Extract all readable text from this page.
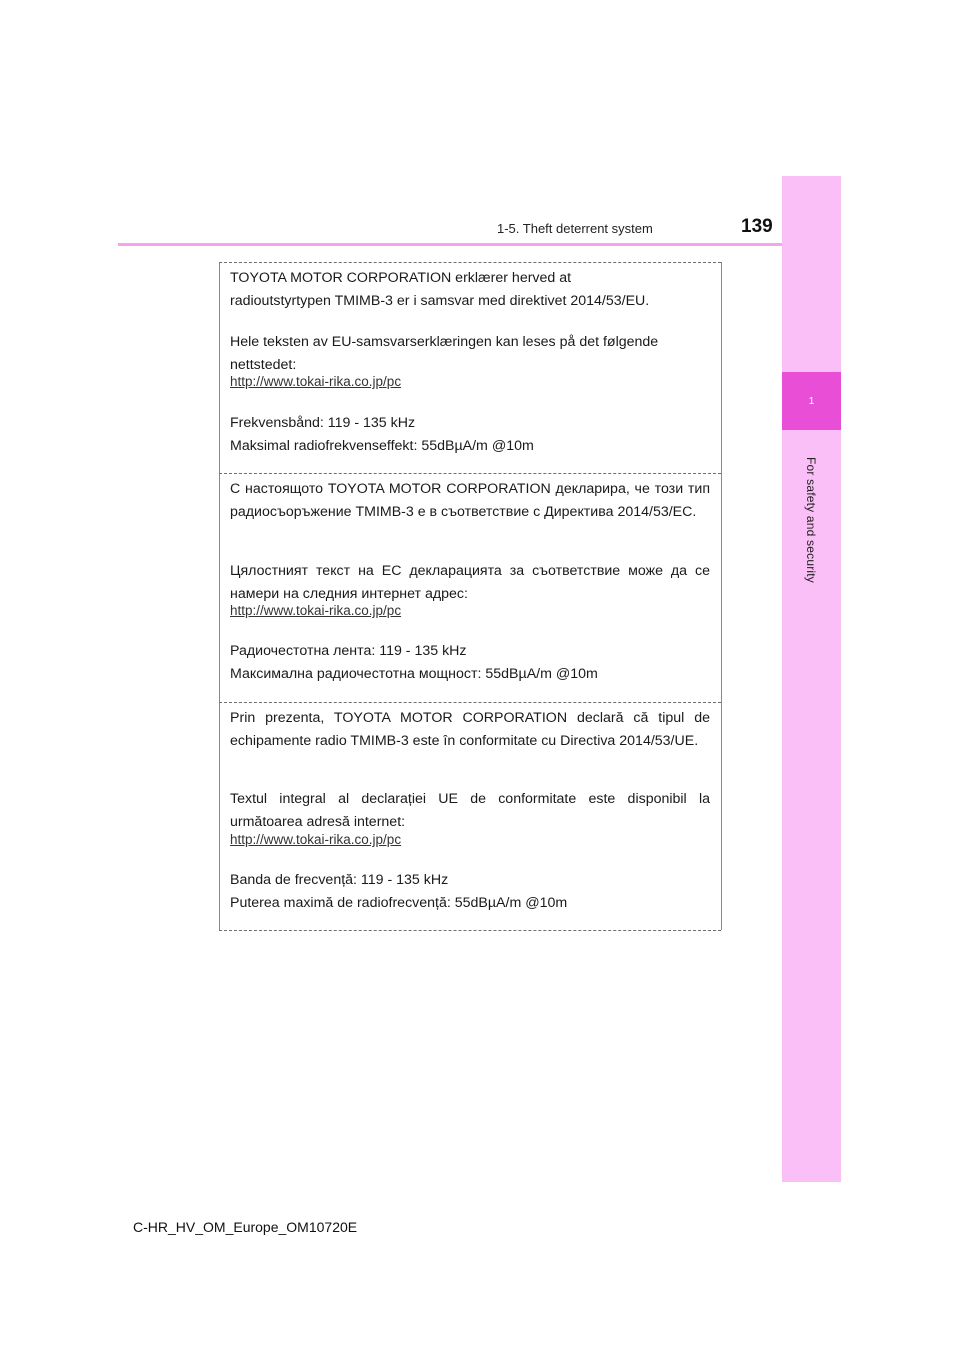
1
For safety and security
1-5. Theft deterrent system	139

TOYOTA MOTOR CORPORATION erklærer herved at
radioutstyrtypen TMIMB-3 er i samsvar med direktivet 2014/53/EU.

Hele teksten av EU-samsvarserklæringen kan leses på det følgende
nettstedet:

http://www.tokai-rika.co.jp/pc

Frekvensbånd: 119 - 135 kHz

Maksimal radiofrekvenseffekt: 55dBµA/m @10m

С настоящото TOYOTA MOTOR CORPORATION декларира, че този тип радиосъоръжение TMIMB-3 е в съответствие с Директива 2014/53/ЕС.

Цялостният текст на ЕС декларацията за съответствие може да се намери на следния интернет адрес:

http://www.tokai-rika.co.jp/pc

Радиочестотна лента: 119 - 135 kHz

Максимална радиочестотна мощност: 55dBµA/m @10m

Prin prezenta, TOYOTA MOTOR CORPORATION declară că tipul de echipamente radio TMIMB-3 este în conformitate cu Directiva 2014/53/UE.

Textul integral al declarației UE de conformitate este disponibil la următoarea adresă internet:

http://www.tokai-rika.co.jp/pc

Banda de frecvență: 119 - 135 kHz

Puterea maximă de radiofrecvență: 55dBµA/m @10m

C-HR_HV_OM_Europe_OM10720E
